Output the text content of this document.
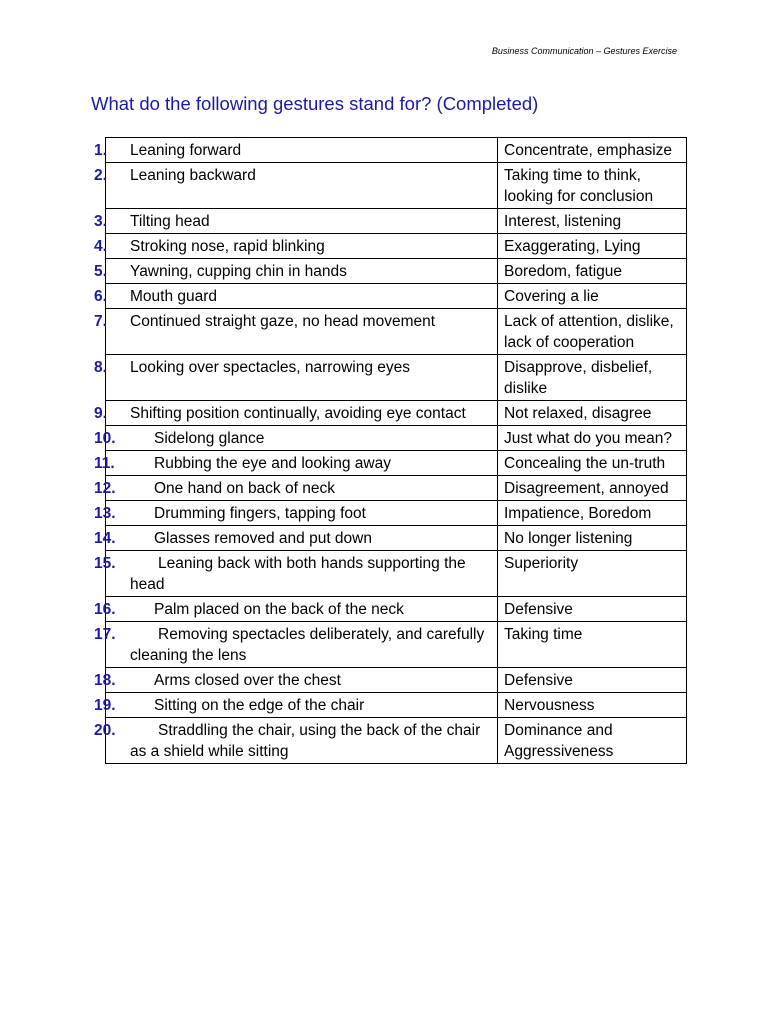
Business Communication – Gestures Exercise
What do the following gestures stand for? (Completed)
1. Leaning forward	Concentrate, emphasize
2. Leaning backward	Taking time to think, looking for conclusion
3. Tilting head	Interest, listening
4. Stroking nose, rapid blinking	Exaggerating, Lying
5. Yawning, cupping chin in hands	Boredom, fatigue
6. Mouth guard	Covering a lie
7. Continued straight gaze, no head movement	Lack of attention, dislike, lack of cooperation
8. Looking over spectacles, narrowing eyes	Disapprove, disbelief, dislike
9. Shifting position continually, avoiding eye contact	Not relaxed, disagree
10. Sidelong glance	Just what do you mean?
11. Rubbing the eye and looking away	Concealing the un-truth
12. One hand on back of neck	Disagreement, annoyed
13. Drumming fingers, tapping foot	Impatience, Boredom
14. Glasses removed and put down	No longer listening
15. Leaning back with both hands supporting the head	Superiority
16. Palm placed on the back of the neck	Defensive
17. Removing spectacles deliberately, and carefully cleaning the lens	Taking time
18. Arms closed over the chest	Defensive
19. Sitting on the edge of the chair	Nervousness
20. Straddling the chair, using the back of the chair as a shield while sitting	Dominance and Aggressiveness
